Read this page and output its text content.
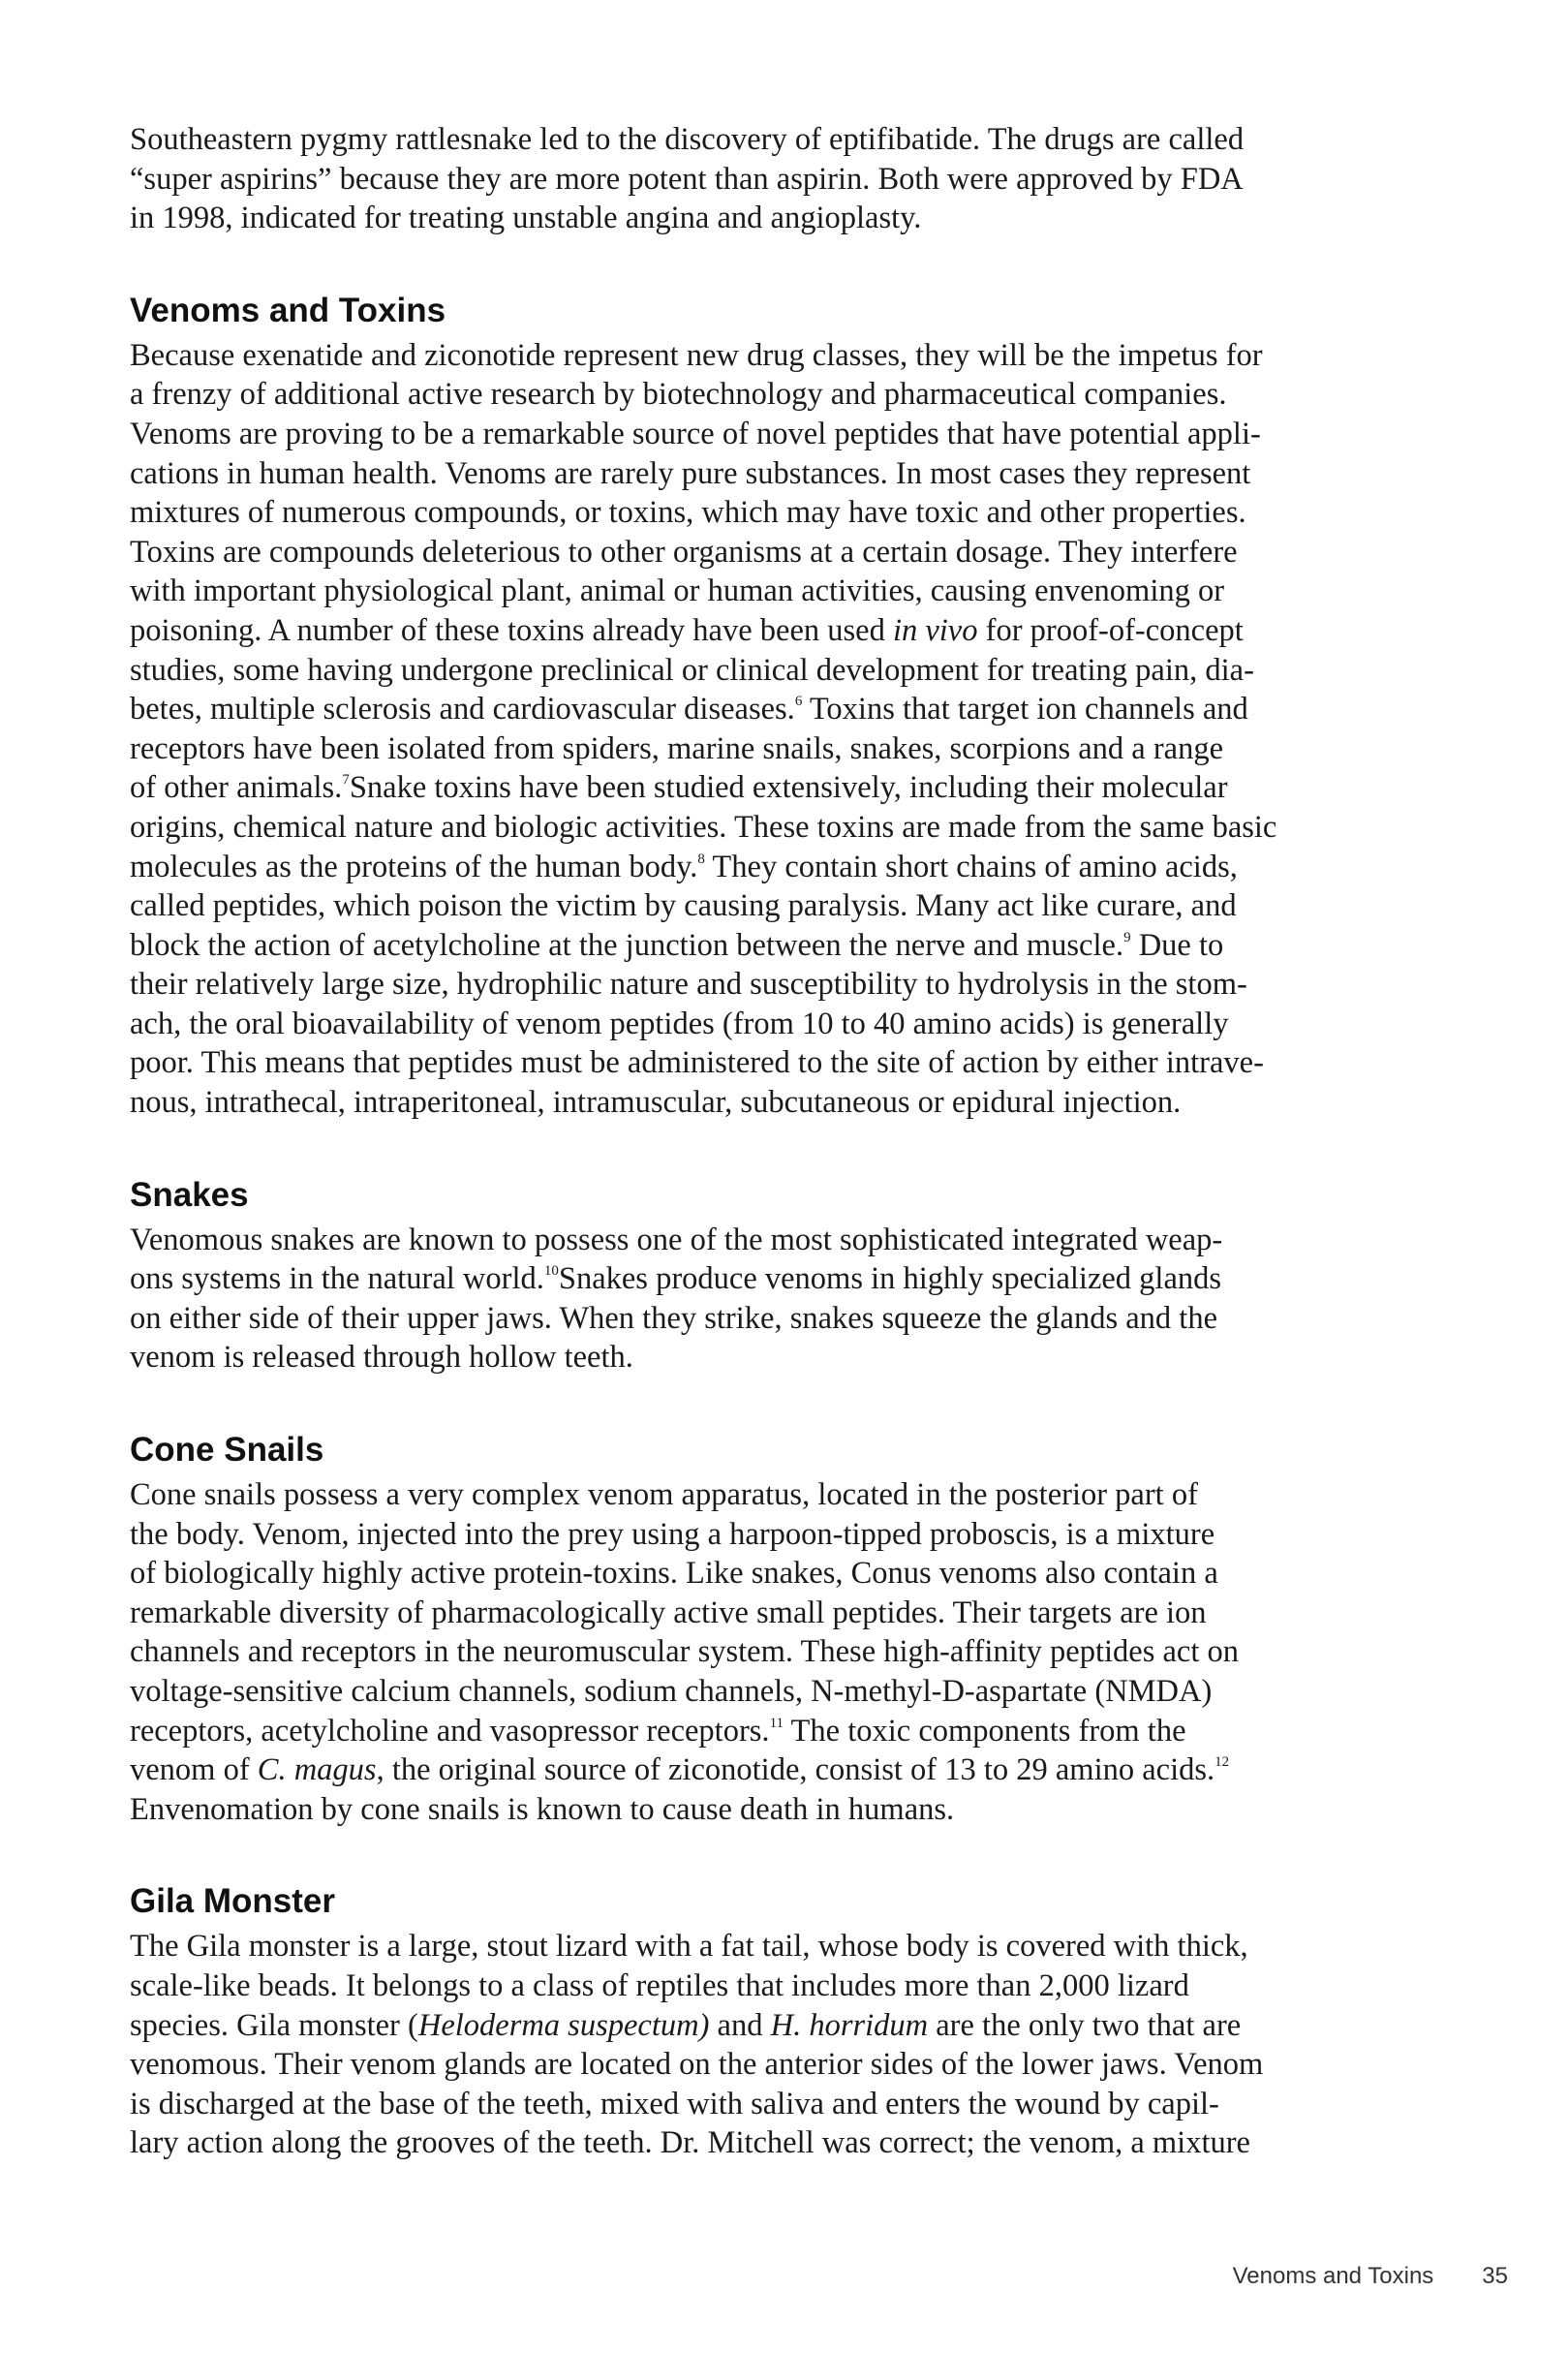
Southeastern pygmy rattlesnake led to the discovery of eptifibatide. The drugs are called
“super aspirins” because they are more potent than aspirin. Both were approved by FDA
in 1998, indicated for treating unstable angina and angioplasty.

Venoms and Toxins

Because exenatide and ziconotide represent new drug classes, they will be the impetus for
a frenzy of additional active research by biotechnology and pharmaceutical companies.
Venoms are proving to be a remarkable source of novel peptides that have potential appli-
cations in human health. Venoms are rarely pure substances. In most cases they represent
mixtures of numerous compounds, or toxins, which may have toxic and other properties.
Toxins are compounds deleterious to other organisms at a certain dosage. They interfere
with important physiological plant, animal or human activities, causing envenoming or
poisoning. A number of these toxins already have been used in vivo for proof-of-concept
studies, some having undergone preclinical or clinical development for treating pain, dia-
betes, multiple sclerosis and cardiovascular diseases.$^6$ Toxins that target ion channels and
receptors have been isolated from spiders, marine snails, snakes, scorpions and a range
of other animals.$^7$Snake toxins have been studied extensively, including their molecular
origins, chemical nature and biologic activities. These toxins are made from the same basic
molecules as the proteins of the human body.$^8$ They contain short chains of amino acids,
called peptides, which poison the victim by causing paralysis. Many act like curare, and
block the action of acetylcholine at the junction between the nerve and muscle.$^9$ Due to
their relatively large size, hydrophilic nature and susceptibility to hydrolysis in the stom-
ach, the oral bioavailability of venom peptides (from 10 to 40 amino acids) is generally
poor. This means that peptides must be administered to the site of action by either intrave-
nous, intrathecal, intraperitoneal, intramuscular, subcutaneous or epidural injection.

Snakes

Venomous snakes are known to possess one of the most sophisticated integrated weap-
ons systems in the natural world.$^{10}$Snakes produce venoms in highly specialized glands
on either side of their upper jaws. When they strike, snakes squeeze the glands and the
venom is released through hollow teeth.

Cone Snails

Cone snails possess a very complex venom apparatus, located in the posterior part of
the body. Venom, injected into the prey using a harpoon-tipped proboscis, is a mixture
of biologically highly active protein-toxins. Like snakes, Conus venoms also contain a
remarkable diversity of pharmacologically active small peptides. Their targets are ion
channels and receptors in the neuromuscular system. These high-affinity peptides act on
voltage-sensitive calcium channels, sodium channels, N-methyl-D-aspartate (NMDA)
receptors, acetylcholine and vasopressor receptors.$^{11}$ The toxic components from the
venom of C. magus, the original source of ziconotide, consist of 13 to 29 amino acids.$^{12}$
Envenomation by cone snails is known to cause death in humans.

Gila Monster

The Gila monster is a large, stout lizard with a fat tail, whose body is covered with thick,
scale-like beads. It belongs to a class of reptiles that includes more than 2,000 lizard
species. Gila monster (Heloderma suspectum) and H. horridum are the only two that are
venomous. Their venom glands are located on the anterior sides of the lower jaws. Venom
is discharged at the base of the teeth, mixed with saliva and enters the wound by capil-
lary action along the grooves of the teeth. Dr. Mitchell was correct; the venom, a mixture

Venoms and Toxins 35
